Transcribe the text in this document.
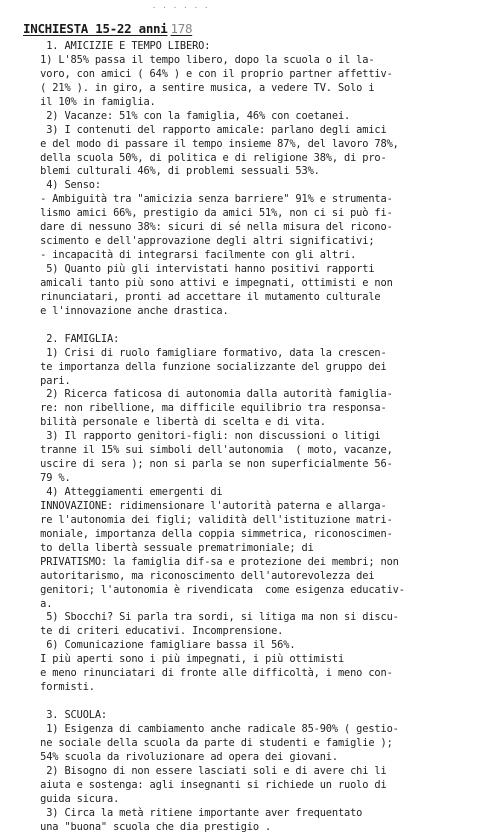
· · · · · ·
INCHIESTA 15-22 anni 178
1. AMICIZIE E TEMPO LIBERO:
1) L'85% passa il tempo libero, dopo la scuola o il la-
voro, con amici ( 64% ) e con il proprio partner affettiv-
( 21% ). in giro, a sentire musica, a vedere TV. Solo i
il 10% in famiglia.
2) Vacanze: 51% con la famiglia, 46% con coetanei.
3) I contenuti del rapporto amicale: parlano degli amici
e del modo di passare il tempo insieme 87%, del lavoro 78%,
della scuola 50%, di politica e di religione 38%, di pro-
blemi culturali 46%, di problemi sessuali 53%.
4) Senso:
- Ambiguità tra "amicizia senza barriere" 91% e strumenta-
lismo amici 66%, prestigio da amici 51%, non ci si può fi-
dare di nessuno 38%: sicuri di sé nella misura del ricono-
scimento e dell'approvazione degli altri significativi;
- incapacità di integrarsi facilmente con gli altri.
5) Quanto più gli intervistati hanno positivi rapporti
amicali tanto più sono attivi e impegnati, ottimisti e non
rinunciatari, pronti ad accettare il mutamento culturale
e l'innovazione anche drastica.
2. FAMIGLIA:
1) Crisi di ruolo famigliare formativo, data la crescen-
te importanza della funzione socializzante del gruppo dei
pari.
2) Ricerca faticosa di autonomia dalla autorità famiglia-
re: non ribellione, ma difficile equilibrio tra responsa-
bilità personale e libertà di scelta e di vita.
3) Il rapporto genitori-figli: non discussioni o litigi
tranne il 15% sui simboli dell'autonomia  ( moto, vacanze,
uscire di sera ); non si parla se non superficialmente 56-
79 %.
4) Atteggiamenti emergenti di
INNOVAZIONE: ridimensionare l'autorità paterna e allarga-
re l'autonomia dei figli; validità dell'istituzione matri-
moniale, importanza della coppia simmetrica, riconoscimen-
to della libertà sessuale prematrimoniale; di
PRIVATISMO: la famiglia dif-sa e protezione dei membri; non
autoritarismo, ma riconoscimento dell'autorevolezza dei
genitori; l'autonomia è rivendicata  come esigenza educativ-
a.
5) Sbocchi? Si parla tra sordi, si litiga ma non si discu-
te di criteri educativi. Incomprensione.
6) Comunicazione famigliare bassa il 56%.
I più aperti sono i più impegnati, i più ottimisti
e meno rinunciatari di fronte alle difficoltà, i meno con-
formisti.
3. SCUOLA:
1) Esigenza di cambiamento anche radicale 85-90% ( gestio-
ne sociale della scuola da parte di studenti e famiglie );
54% scuola da rivoluzionare ad opera dei giovani.
2) Bisogno di non essere lasciati soli e di avere chi li
aiuta e sostenga: agli insegnanti si richiede un ruolo di
guida sicura.
3) Circa la metà ritiene importante aver frequentato
una "buona" scuola che dia prestigio .
